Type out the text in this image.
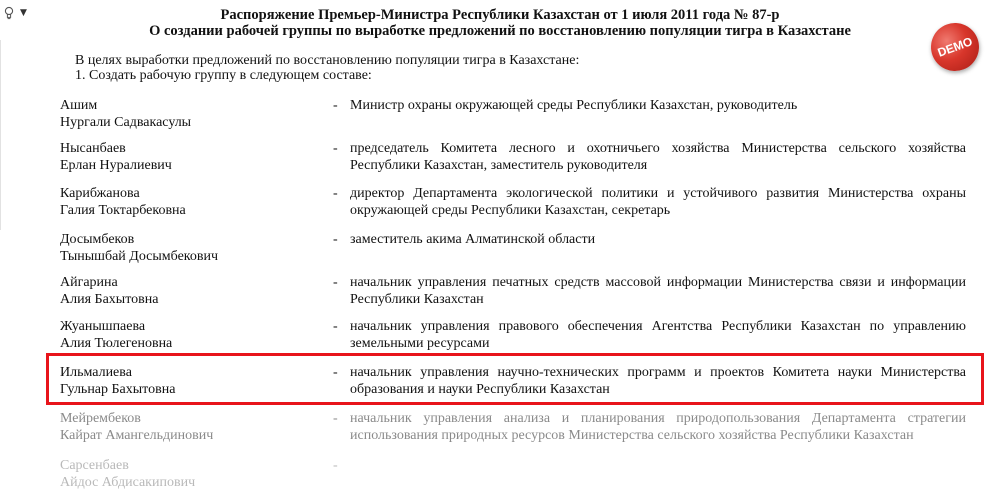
▼	Распоряжение Премьер-Министра Республики Казахстан от 1 июля 2011 года № 87-р
О создании рабочей группы по выработке предложений по восстановлению популяции тигра в Казахстане
DEMO
В целях выработки предложений по восстановлению популяции тигра в Казахстане:
1. Создать рабочую группу в следующем составе:
Ашим
Нургали Садвакасулы
- Министр охраны окружающей среды Республики Казахстан, руководитель
Нысанбаев
Ерлан Нуралиевич
- председатель Комитета лесного и охотничьего хозяйства Министерства сельского хозяйства Республики Казахстан, заместитель руководителя
Карибжанова
Галия Toктарбековна
- директор Департамента экологической политики и устойчивого развития Министерства охраны окружающей среды Республики Казахстан, секретарь
Досымбеков
Тынышбай Досымбекович
- заместитель акима Алматинской области
Айгарина
Алия Бахытовна
- начальник управления печатных средств массовой информации Министерства связи и информации Республики Казахстан
Жуанышпаева
Алия Тюлегеновна
- начальник управления правового обеспечения Агентства Республики Казахстан по управлению земельными ресурсами
Ильмалиева
Гульнар Бахытовна
- начальник управления научно-технических программ и проектов Комитета науки Министерства образования и науки Республики Казахстан
Мейрембеков
Кайрат Амангельдинович
- начальник управления анализа и планирования природопользования Департамента стратегии использования природных ресурсов Министерства сельского хозяйства Республики Казахстан
Сарсенбаев
Айдос Абдисакипович
-
